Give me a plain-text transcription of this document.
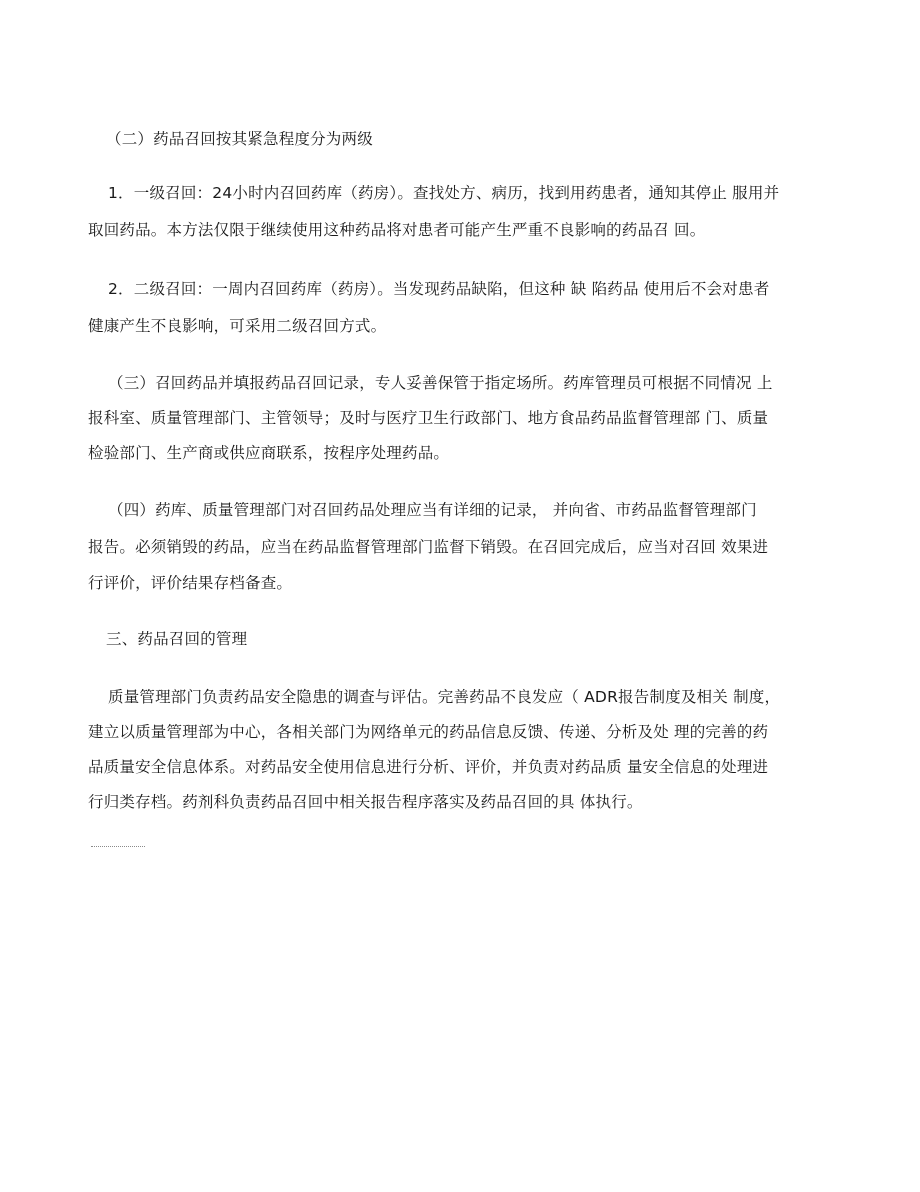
（二）药品召回按其紧急程度分为两级
1．一级召回：24小时内召回药库（药房）。查找处方、病历，找到用药患者，通知其停止 服用并
取回药品。本方法仅限于继续使用这种药品将对患者可能产生严重不良影响的药品召 回。
2．二级召回：一周内召回药库（药房）。当发现药品缺陷，但这种 缺 陷药品 使用后不会对患者
健康产生不良影响，可采用二级召回方式。
（三）召回药品并填报药品召回记录，专人妥善保管于指定场所。药库管理员可根据不同情况 上
报科室、质量管理部门、主管领导；及时与医疗卫生行政部门、地方食品药品监督管理部 门、质量
检验部门、生产商或供应商联系，按程序处理药品。
（四）药库、质量管理部门对召回药品处理应当有详细的记录， 并向省、市药品监督管理部门
报告。必须销毁的药品，应当在药品监督管理部门监督下销毁。在召回完成后，应当对召回 效果进
行评价，评价结果存档备查。
三、药品召回的管理
质量管理部门负责药品安全隐患的调查与评估。完善药品不良发应（ ADR报告制度及相关 制度，
建立以质量管理部为中心，各相关部门为网络单元的药品信息反馈、传递、分析及处 理的完善的药
品质量安全信息体系。对药品安全使用信息进行分析、评价，并负责对药品质 量安全信息的处理进
行归类存档。药剂科负责药品召回中相关报告程序落实及药品召回的具 体执行。
